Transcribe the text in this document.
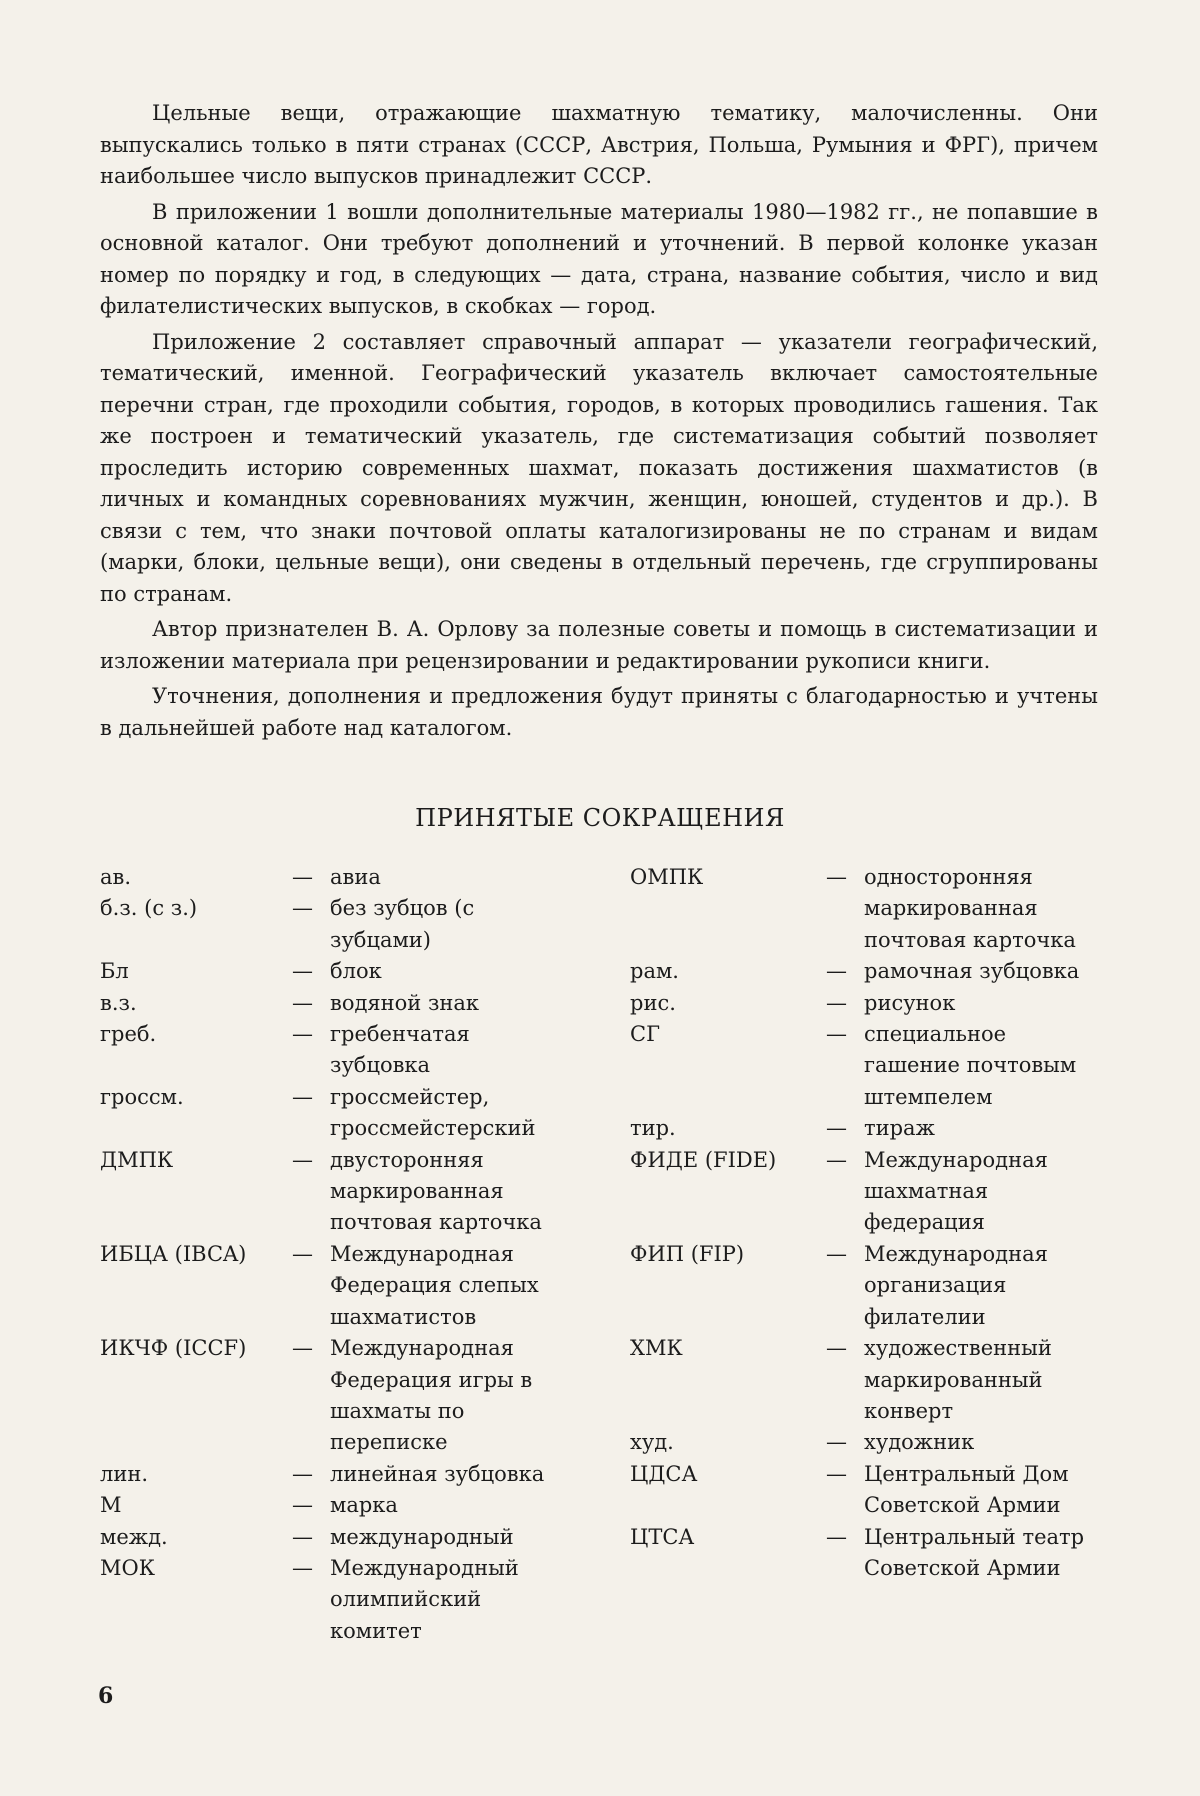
Цельные вещи, отражающие шахматную тематику, малочисленны. Они выпускались только в пяти странах (СССР, Австрия, Польша, Румыния и ФРГ), причем наибольшее число выпусков принадлежит СССР.

В приложении 1 вошли дополнительные материалы 1980—1982 гг., не попавшие в основной каталог. Они требуют дополнений и уточнений. В первой колонке указан номер по порядку и год, в следующих — дата, страна, название события, число и вид филателистических выпусков, в скобках — город.

Приложение 2 составляет справочный аппарат — указатели географический, тематический, именной. Географический указатель включает самостоятельные перечни стран, где проходили события, городов, в которых проводились гашения. Так же построен и тематический указатель, где систематизация событий позволяет проследить историю современных шахмат, показать достижения шахматистов (в личных и командных соревнованиях мужчин, женщин, юношей, студентов и др.). В связи с тем, что знаки почтовой оплаты каталогизированы не по странам и видам (марки, блоки, цельные вещи), они сведены в отдельный перечень, где сгруппированы по странам.

Автор признателен В. А. Орлову за полезные советы и помощь в систематизации и изложении материала при рецензировании и редактировании рукописи книги.

Уточнения, дополнения и предложения будут приняты с благодарностью и учтены в дальнейшей работе над каталогом.

ПРИНЯТЫЕ СОКРАЩЕНИЯ
ав.	— авиа
б.з. (с з.)	— без зубцов (с зубцами)
Бл	— блок
в.з.	— водяной знак
греб.	— гребенчатая зубцовка
гроссм.	— гроссмейстер, гроссмейстерский
ДМПК	— двусторонняя маркированная почтовая карточка
ИБЦА (IBCA)	— Международная Федерация слепых шахматистов
ИКЧФ (ICCF)	— Международная Федерация игры в шахматы по переписке
лин.	— линейная зубцовка
М	— марка
межд.	— международный
МОК	— Международный олимпийский комитет
ОМПК	— односторонняя маркированная почтовая карточка
рам.	— рамочная зубцовка
рис.	— рисунок
СГ	— специальное гашение почтовым штемпелем
тир.	— тираж
ФИДЕ (FIDE)	— Международная шахматная федерация
ФИП (FIP)	— Международная организация филателии
ХМК	— художественный маркированный конверт
худ.	— художник
ЦДСА	— Центральный Дом Советской Армии
ЦТСА	— Центральный театр Советской Армии
6
